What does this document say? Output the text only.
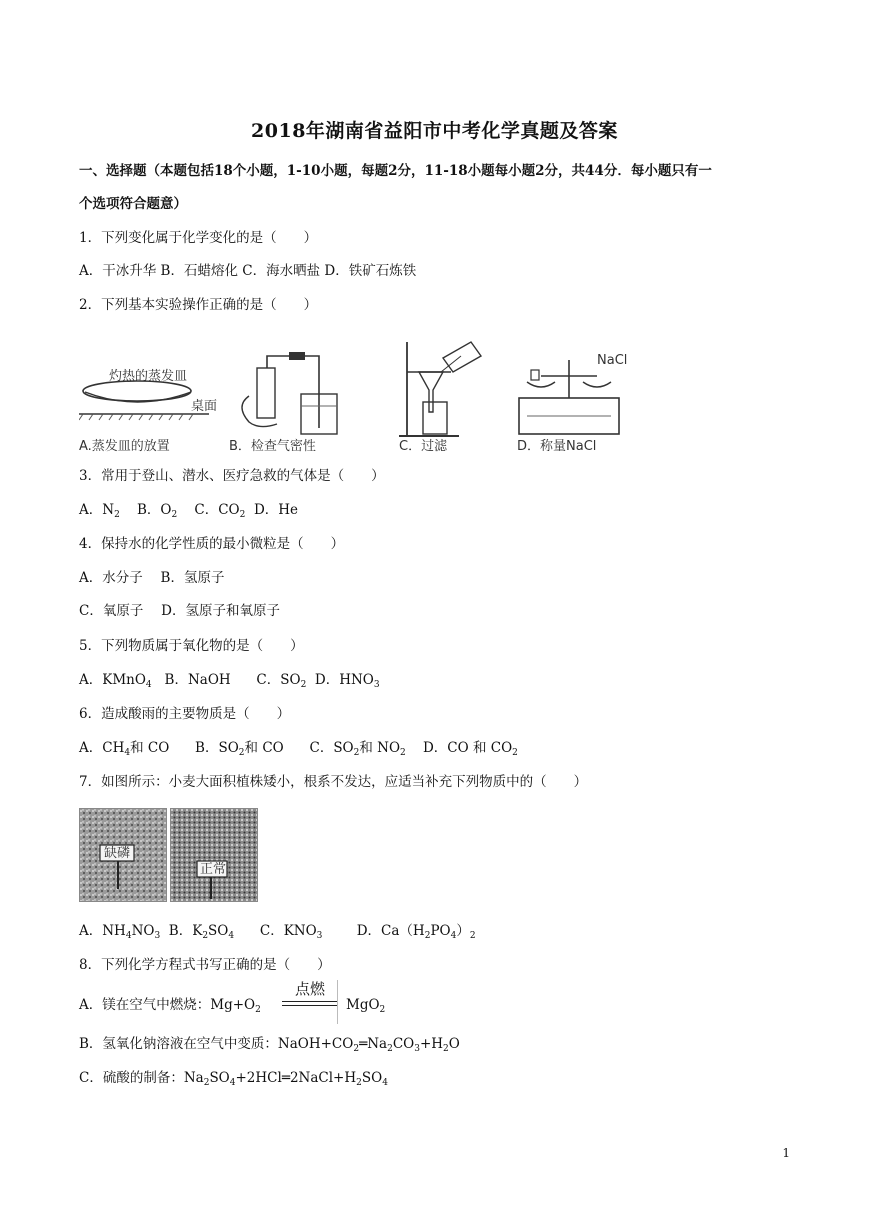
2018年湖南省益阳市中考化学真题及答案
一、选择题（本题包括18个小题，1-10小题，每题2分，11-18小题每小题2分，共44分．每小题只有一
个选项符合题意）
1．下列变化属于化学变化的是（　　）
A．干冰升华 B．石蜡熔化 C．海水晒盐 D．铁矿石炼铁
2．下列基本实验操作正确的是（　　）
灼热的蒸发皿
桌面
A.蒸发皿的放置	B．检查气密性	C．过滤
NaCl
D．称量NaCl
3．常用于登山、潜水、医疗急救的气体是（　　）
A．$N_2$ B．$O_2$ C．$CO_2$ D．He
4．保持水的化学性质的最小微粒是（　　）
A．水分子　 B．氢原子
C．氧原子　 D．氢原子和氧原子
5．下列物质属于氧化物的是（　　）
A．KMnO$_4$ B．NaOH C．$SO_2$ D．$HNO_3$
6．造成酸雨的主要物质是（　　）
A．$CH_4$和 CO B．$SO_2$和 CO C．$SO_2$和 $NO_2$ D．CO 和 $CO_2$
7．如图所示：小麦大面积植株矮小，根系不发达，应适当补充下列物质中的（　　）
缺磷
正常
A．$NH_4NO_3$ B．$K_2SO_4$ C．$KNO_3$	D．$Ca(H_2PO_4)_2$
8．下列化学方程式书写正确的是（　　）
A．镁在空气中燃烧：$Mg+O_2$
点燃
MgO$_2$
B．氢氧化钠溶液在空气中变质：$NaOH+CO_2═Na_2CO_3+H_2O$
C．硫酸的制备：$Na_2SO_4+2HCl═2NaCl+H_2SO_4$
1
